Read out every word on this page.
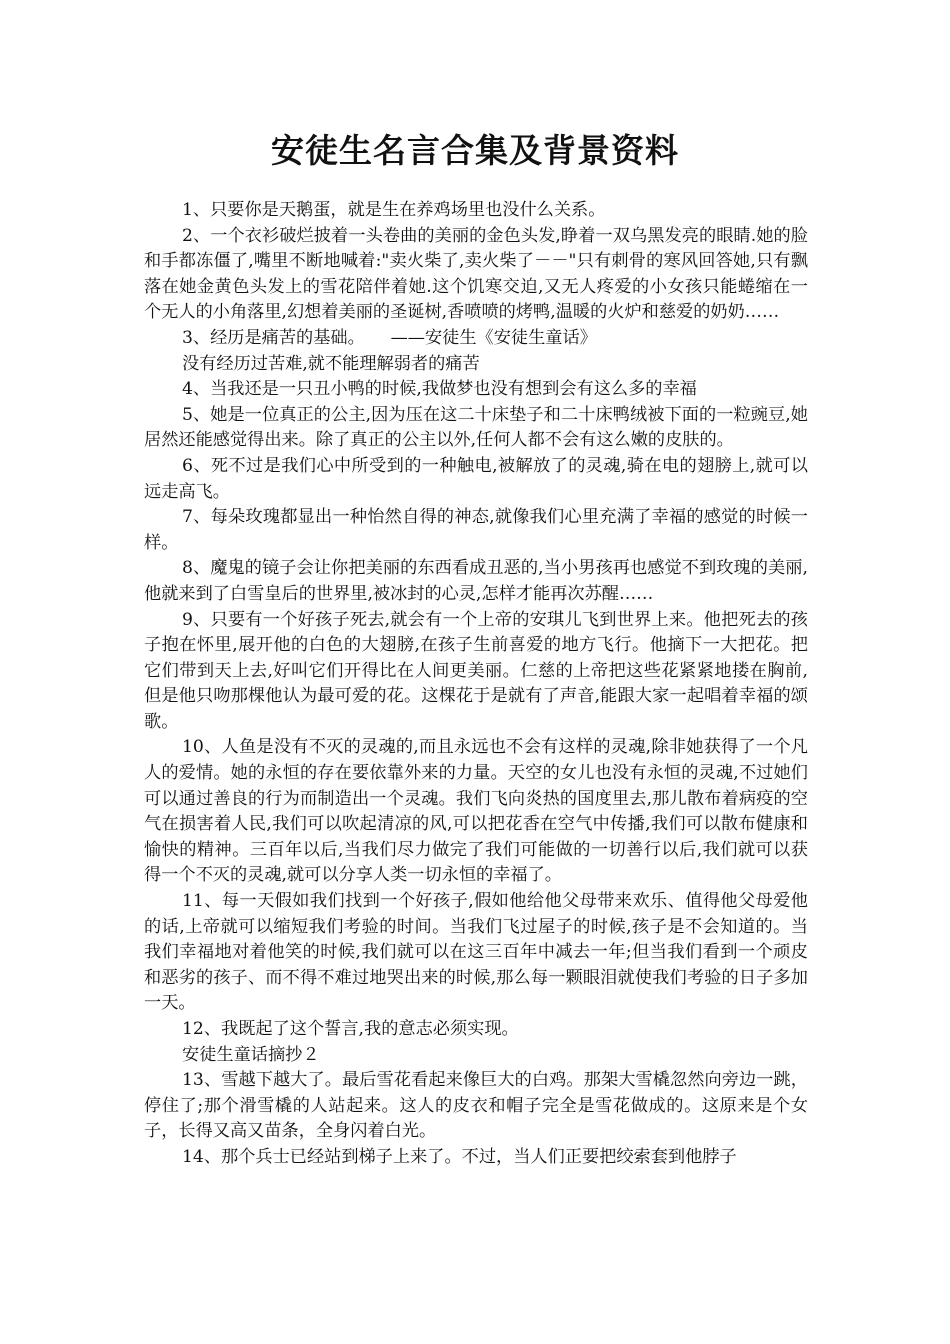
安徒生名言合集及背景资料

1、只要你是天鹅蛋，就是生在养鸡场里也没什么关系。

2、一个衣衫破烂披着一头卷曲的美丽的金色头发,睁着一双乌黑发亮的眼睛.她的脸和手都冻僵了,嘴里不断地喊着:"卖火柴了,卖火柴了－－"只有刺骨的寒风回答她,只有飘落在她金黄色头发上的雪花陪伴着她.这个饥寒交迫,又无人疼爱的小女孩只能蜷缩在一个无人的小角落里,幻想着美丽的圣诞树,香喷喷的烤鸭,温暖的火炉和慈爱的奶奶……

3、经历是痛苦的基础。　　——安徒生《安徒生童话》

没有经历过苦难,就不能理解弱者的痛苦

4、当我还是一只丑小鸭的时候,我做梦也没有想到会有这么多的幸福

5、她是一位真正的公主,因为压在这二十床垫子和二十床鸭绒被下面的一粒豌豆,她居然还能感觉得出来。除了真正的公主以外,任何人都不会有这么嫩的皮肤的。

6、死不过是我们心中所受到的一种触电,被解放了的灵魂,骑在电的翅膀上,就可以远走高飞。

7、每朵玫瑰都显出一种怡然自得的神态,就像我们心里充满了幸福的感觉的时候一样。

8、魔鬼的镜子会让你把美丽的东西看成丑恶的,当小男孩再也感觉不到玫瑰的美丽,他就来到了白雪皇后的世界里,被冰封的心灵,怎样才能再次苏醒……

9、只要有一个好孩子死去,就会有一个上帝的安琪儿飞到世界上来。他把死去的孩子抱在怀里,展开他的白色的大翅膀,在孩子生前喜爱的地方飞行。他摘下一大把花。把它们带到天上去,好叫它们开得比在人间更美丽。仁慈的上帝把这些花紧紧地搂在胸前,但是他只吻那棵他认为最可爱的花。这棵花于是就有了声音,能跟大家一起唱着幸福的颂歌。

10、人鱼是没有不灭的灵魂的,而且永远也不会有这样的灵魂,除非她获得了一个凡人的爱情。她的永恒的存在要依靠外来的力量。天空的女儿也没有永恒的灵魂,不过她们可以通过善良的行为而制造出一个灵魂。我们飞向炎热的国度里去,那儿散布着病疫的空气在损害着人民,我们可以吹起清凉的风,可以把花香在空气中传播,我们可以散布健康和愉快的精神。三百年以后,当我们尽力做完了我们可能做的一切善行以后,我们就可以获得一个不灭的灵魂,就可以分享人类一切永恒的幸福了。

11、每一天假如我们找到一个好孩子,假如他给他父母带来欢乐、值得他父母爱他的话,上帝就可以缩短我们考验的时间。当我们飞过屋子的时候,孩子是不会知道的。当我们幸福地对着他笑的时候,我们就可以在这三百年中减去一年;但当我们看到一个顽皮和恶劣的孩子、而不得不难过地哭出来的时候,那么每一颗眼泪就使我们考验的日子多加一天。

12、我既起了这个誓言,我的意志必须实现。

安徒生童话摘抄２

13、雪越下越大了。最后雪花看起来像巨大的白鸡。那架大雪橇忽然向旁边一跳，停住了;那个滑雪橇的人站起来。这人的皮衣和帽子完全是雪花做成的。这原来是个女子，长得又高又苗条，全身闪着白光。

14、那个兵士已经站到梯子上来了。不过，当人们正要把绞索套到他脖子
